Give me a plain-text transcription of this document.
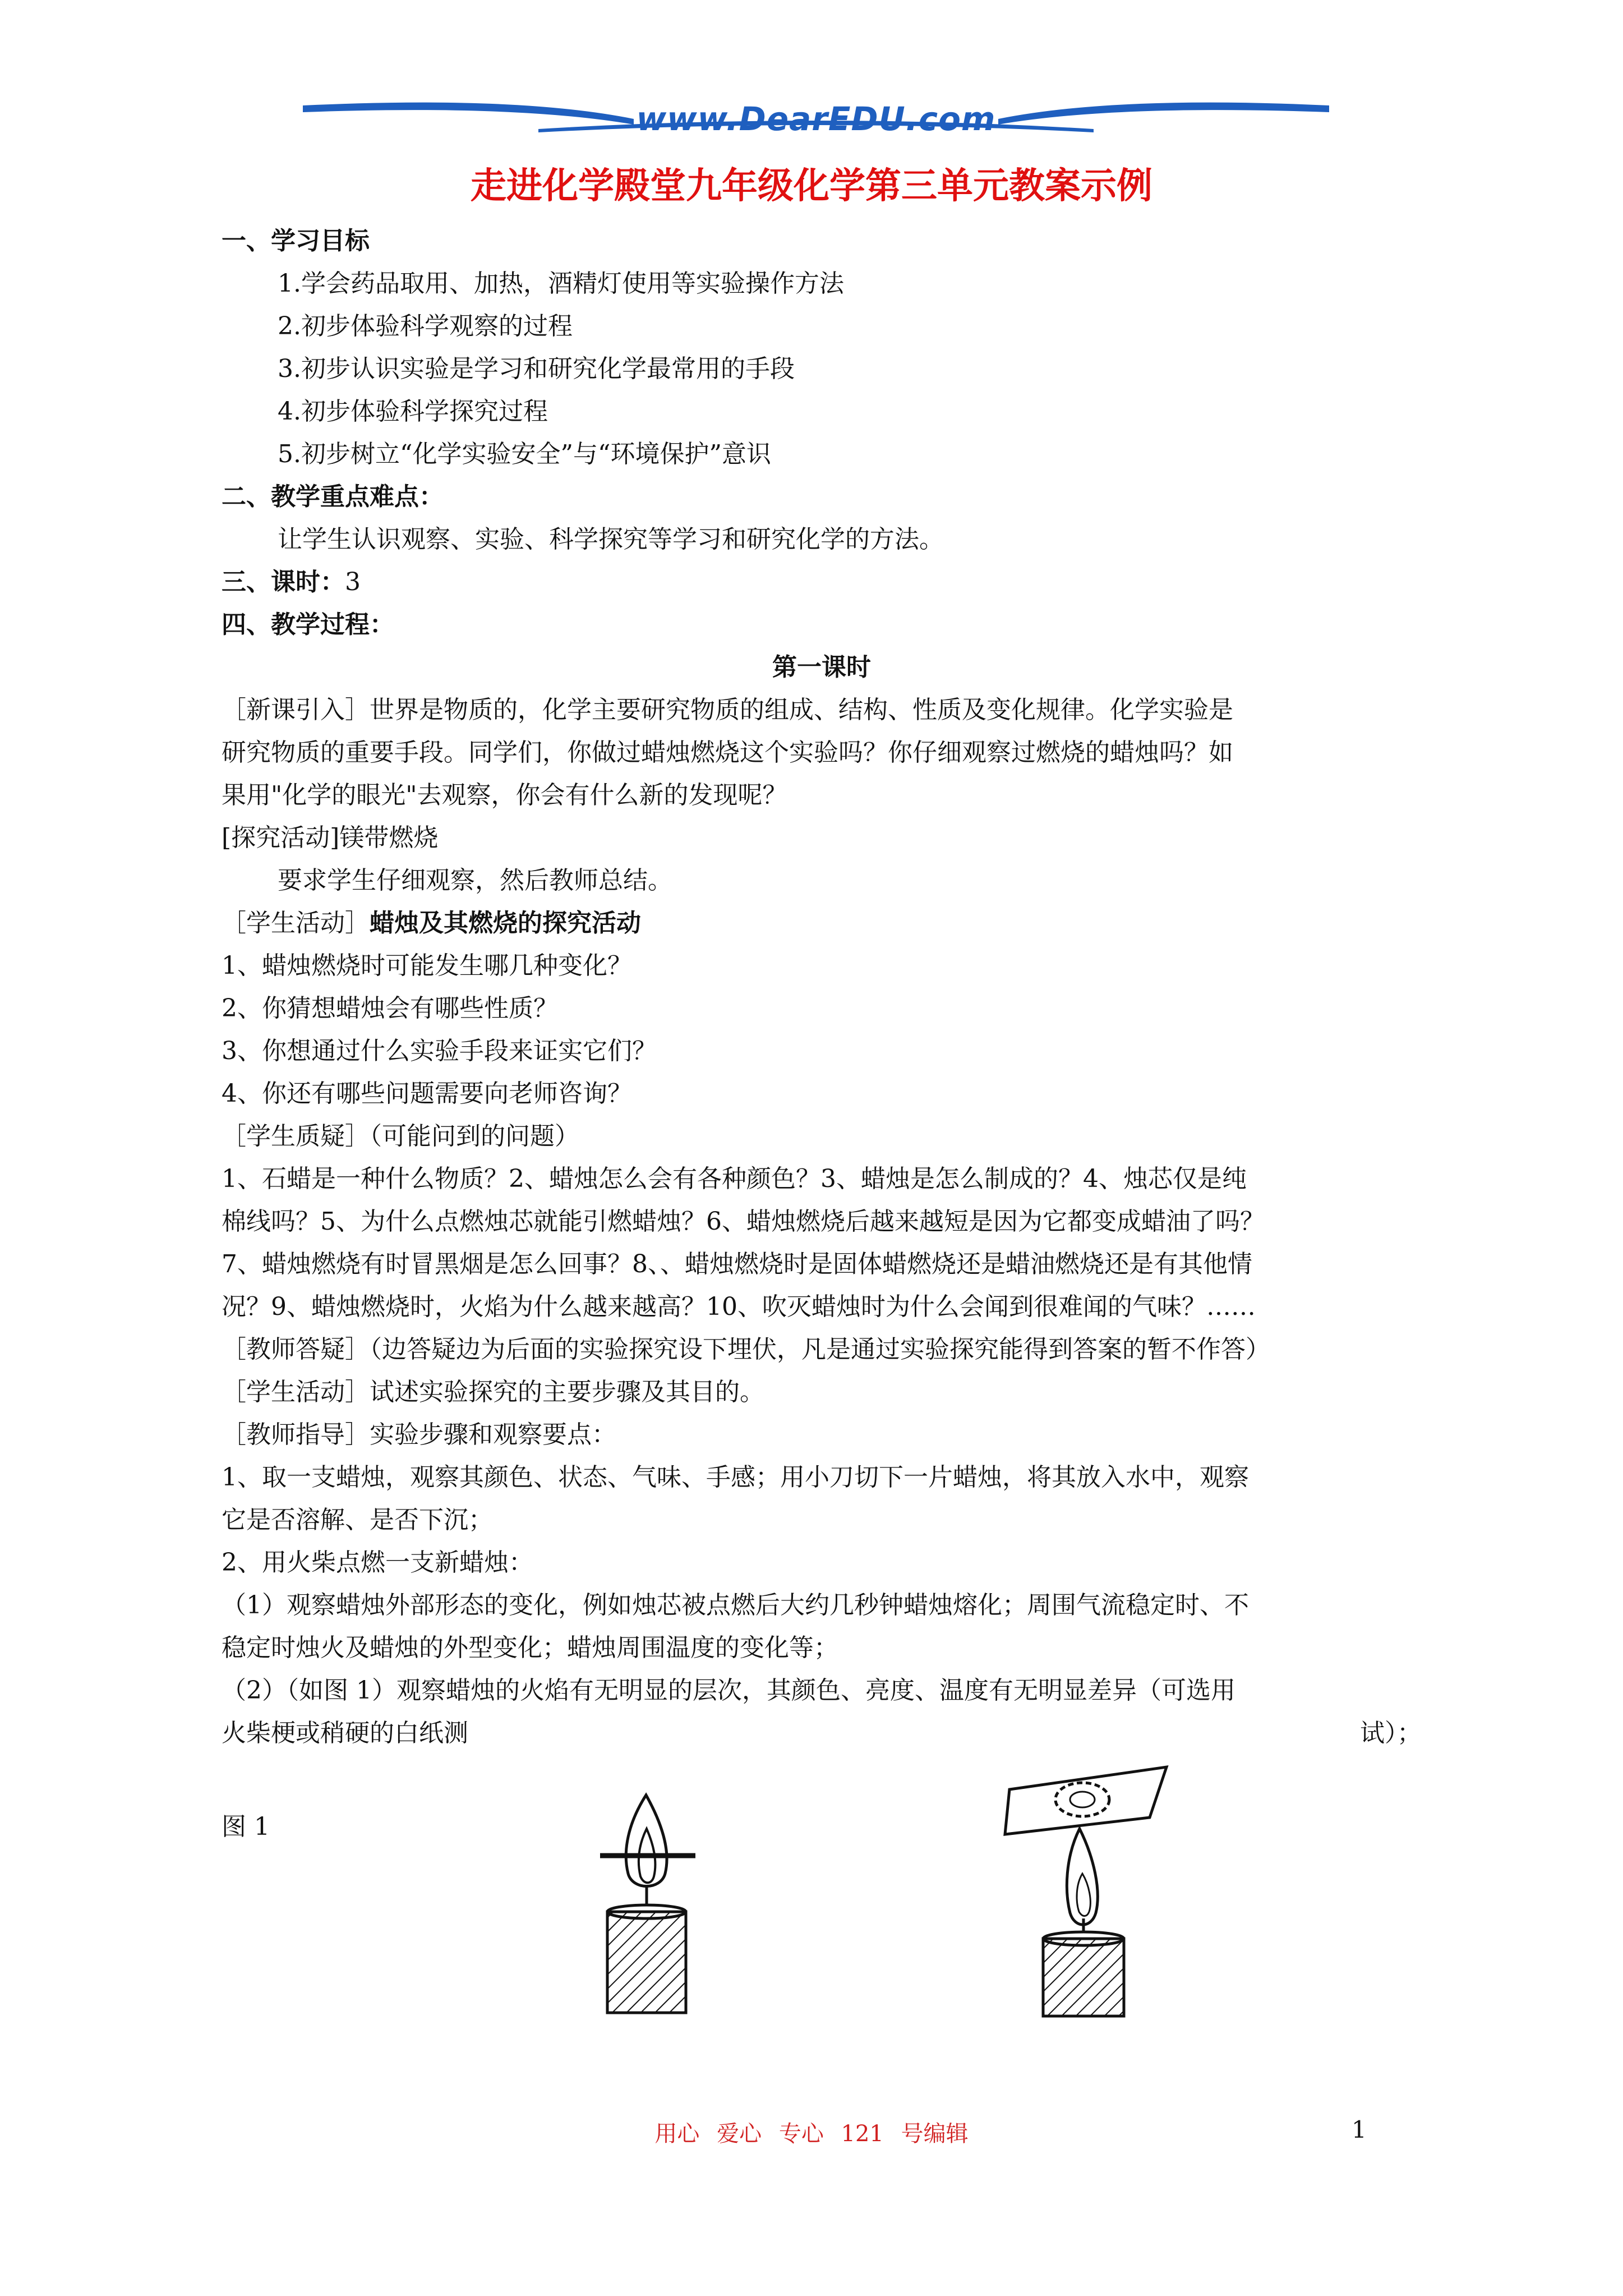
www.DearEDU.com
走进化学殿堂九年级化学第三单元教案示例
一、学习目标
1.学会药品取用、加热，酒精灯使用等实验操作方法
2.初步体验科学观察的过程
3.初步认识实验是学习和研究化学最常用的手段
4.初步体验科学探究过程
5.初步树立“化学实验安全”与“环境保护”意识
二、教学重点难点：
让学生认识观察、实验、科学探究等学习和研究化学的方法。
三、课时：3
四、教学过程：
第一课时
［新课引入］世界是物质的，化学主要研究物质的组成、结构、性质及变化规律。化学实验是
研究物质的重要手段。同学们，你做过蜡烛燃烧这个实验吗？你仔细观察过燃烧的蜡烛吗？如
果用"化学的眼光"去观察，你会有什么新的发现呢？
[探究活动]镁带燃烧
要求学生仔细观察，然后教师总结。
［学生活动］蜡烛及其燃烧的探究活动
1、蜡烛燃烧时可能发生哪几种变化？
2、你猜想蜡烛会有哪些性质？
3、你想通过什么实验手段来证实它们？
4、你还有哪些问题需要向老师咨询？
［学生质疑］（可能问到的问题）
1、石蜡是一种什么物质？2、蜡烛怎么会有各种颜色？3、蜡烛是怎么制成的？4、烛芯仅是纯
棉线吗？5、为什么点燃烛芯就能引燃蜡烛？6、蜡烛燃烧后越来越短是因为它都变成蜡油了吗？
7、蜡烛燃烧有时冒黑烟是怎么回事？8、、蜡烛燃烧时是固体蜡燃烧还是蜡油燃烧还是有其他情
况？9、蜡烛燃烧时，火焰为什么越来越高？10、吹灭蜡烛时为什么会闻到很难闻的气味？……
［教师答疑］（边答疑边为后面的实验探究设下埋伏，凡是通过实验探究能得到答案的暂不作答）
［学生活动］试述实验探究的主要步骤及其目的。
［教师指导］实验步骤和观察要点：
1、取一支蜡烛，观察其颜色、状态、气味、手感；用小刀切下一片蜡烛，将其放入水中，观察
它是否溶解、是否下沉；
2、用火柴点燃一支新蜡烛：
（1）观察蜡烛外部形态的变化，例如烛芯被点燃后大约几秒钟蜡烛熔化；周围气流稳定时、不
稳定时烛火及蜡烛的外型变化；蜡烛周围温度的变化等；
（2）（如图 1）观察蜡烛的火焰有无明显的层次，其颜色、亮度、温度有无明显差异（可选用
火柴梗或稍硬的白纸测	试）；
图 1
用心 爱心 专心 121 号编辑	1
